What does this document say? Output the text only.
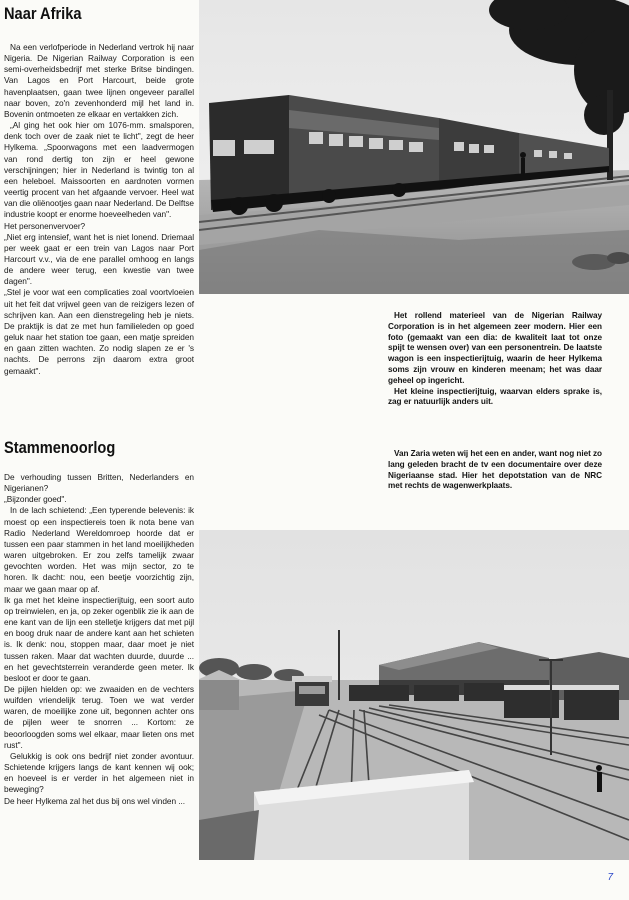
Naar Afrika

Na een verlofperiode in Nederland vertrok hij naar Nigeria. De Nigerian Railway Corporation is een semi-overheidsbedrijf met sterke Britse bindingen. Van Lagos en Port Harcourt, beide grote havenplaatsen, gaan twee lijnen ongeveer parallel naar boven, zo'n zevenhonderd mijl het land in. Bovenin ontmoeten ze elkaar en vertakken zich.

„Al ging het ook hier om 1076-mm. smalsporen, denk toch over de zaak niet te licht", zegt de heer Hylkema. „Spoorwagons met een laadvermogen van rond dertig ton zijn er heel gewone verschijningen; hier in Nederland is twintig ton al een heleboel. Maissoorten en aardnoten vormen veertig procent van het afgaande vervoer. Heel wat van die oliënootjes gaan naar Nederland. De Delftse industrie koopt er enorme hoeveelheden van".

Het personenvervoer?

„Niet erg intensief, want het is niet lonend. Driemaal per week gaat er een trein van Lagos naar Port Harcourt v.v., via de ene parallel omhoog en langs de andere weer terug, een kwestie van twee dagen".

„Stel je voor wat een complicaties zoal voortvloeien uit het feit dat vrijwel geen van de reizigers lezen of schrijven kan. Aan een dienstregeling heb je niets. De praktijk is dat ze met hun familieleden op goed geluk naar het station toe gaan, een matje spreiden en gaan zitten wachten. Zo nodig slapen ze er 's nachts. De perrons zijn daarom extra groot gemaakt".

Stammenoorlog

De verhouding tussen Britten, Nederlanders en Nigerianen?

„Bijzonder goed".

In de lach schietend: „Een typerende belevenis: ik moest op een inspectiereis toen ik nota bene van Radio Nederland Wereldomroep hoorde dat er tussen een paar stammen in het land moeilijkheden waren uitgebroken. Er zou zelfs tamelijk zwaar gevochten worden. Het was mijn sector, zo te horen. Ik dacht: nou, een beetje voorzichtig zijn, maar we gaan maar op af.

Ik ga met het kleine inspectierijtuig, een soort auto op treinwielen, en ja, op zeker ogenblik zie ik aan de ene kant van de lijn een stelletje krijgers dat met pijl en boog druk naar de andere kant aan het schieten is. Ik denk: nou, stoppen maar, daar moet je niet tussen raken. Maar dat wachten duurde, duurde ... en het gevechtsterrein veranderde geen meter. Ik besloot er door te gaan.

De pijlen hielden op: we zwaaiden en de vechters wuifden vriendelijk terug. Toen we wat verder waren, de moeilijke zone uit, begonnen achter ons de pijlen weer te snorren ... Kortom: ze beoorloogden soms wel elkaar, maar lieten ons met rust".

Gelukkig is ook ons bedrijf niet zonder avontuur. Schietende krijgers langs de kant kennen wij ook; en hoeveel is er verder in het algemeen niet in beweging?

De heer Hylkema zal het dus bij ons wel vinden ...

Het rollend materieel van de Nigerian Railway Corporation is in het algemeen zeer modern. Hier een foto (gemaakt van een dia: de kwaliteit laat tot onze spijt te wensen over) van een personentrein. De laatste wagon is een inspectierijtuig, waarin de heer Hylkema soms zijn vrouw en kinderen meenam; het was daar geheel op ingericht.

Het kleine inspectierijtuig, waarvan elders sprake is, zag er natuurlijk anders uit.

Van Zaria weten wij het een en ander, want nog niet zo lang geleden bracht de tv een documentaire over deze Nigeriaanse stad. Hier het depotstation van de NRC met rechts de wagenwerkplaats.

7
